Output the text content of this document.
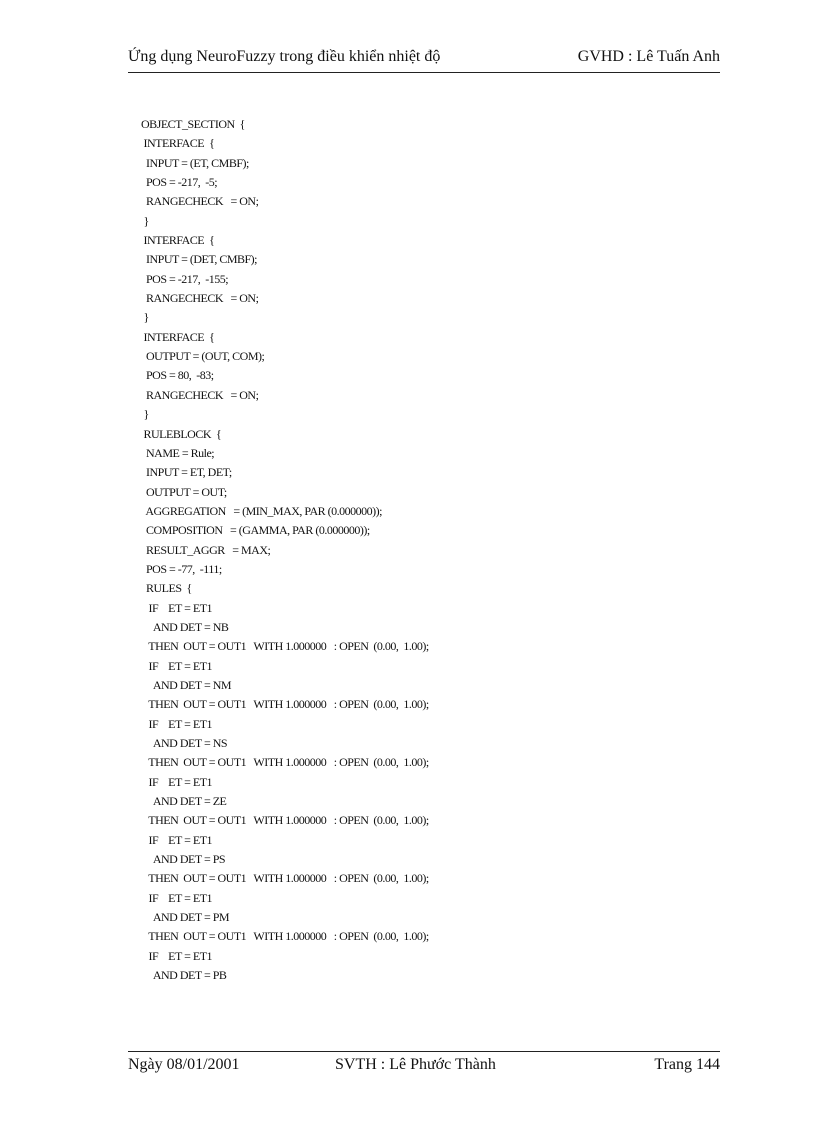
Ứng dụng NeuroFuzzy trong điều khiển nhiệt độ	GVHD : Lê Tuấn Anh
OBJECT_SECTION  {
INTERFACE  {
INPUT = (ET, CMBF);
POS = -217,  -5;
RANGECHECK   = ON;
}
INTERFACE  {
INPUT = (DET, CMBF);
POS = -217,  -155;
RANGECHECK   = ON;
}
INTERFACE  {
OUTPUT = (OUT, COM);
POS = 80,  -83;
RANGECHECK   = ON;
}
RULEBLOCK  {
NAME = Rule;
INPUT = ET, DET;
OUTPUT = OUT;
AGGREGATION   = (MIN_MAX, PAR (0.000000));
COMPOSITION   = (GAMMA, PAR (0.000000));
RESULT_AGGR   = MAX;
POS = -77,  -111;
RULES  {
IF    ET = ET1
AND DET = NB
THEN  OUT = OUT1   WITH 1.000000   : OPEN  (0.00,  1.00);
IF    ET = ET1
AND DET = NM
THEN  OUT = OUT1   WITH 1.000000   : OPEN  (0.00,  1.00);
IF    ET = ET1
AND DET = NS
THEN  OUT = OUT1   WITH 1.000000   : OPEN  (0.00,  1.00);
IF    ET = ET1
AND DET = ZE
THEN  OUT = OUT1   WITH 1.000000   : OPEN  (0.00,  1.00);
IF    ET = ET1
AND DET = PS
THEN  OUT = OUT1   WITH 1.000000   : OPEN  (0.00,  1.00);
IF    ET = ET1
AND DET = PM
THEN  OUT = OUT1   WITH 1.000000   : OPEN  (0.00,  1.00);
IF    ET = ET1
AND DET = PB
Ngày 08/01/2001	SVTH : Lê Phước Thành	Trang 144
